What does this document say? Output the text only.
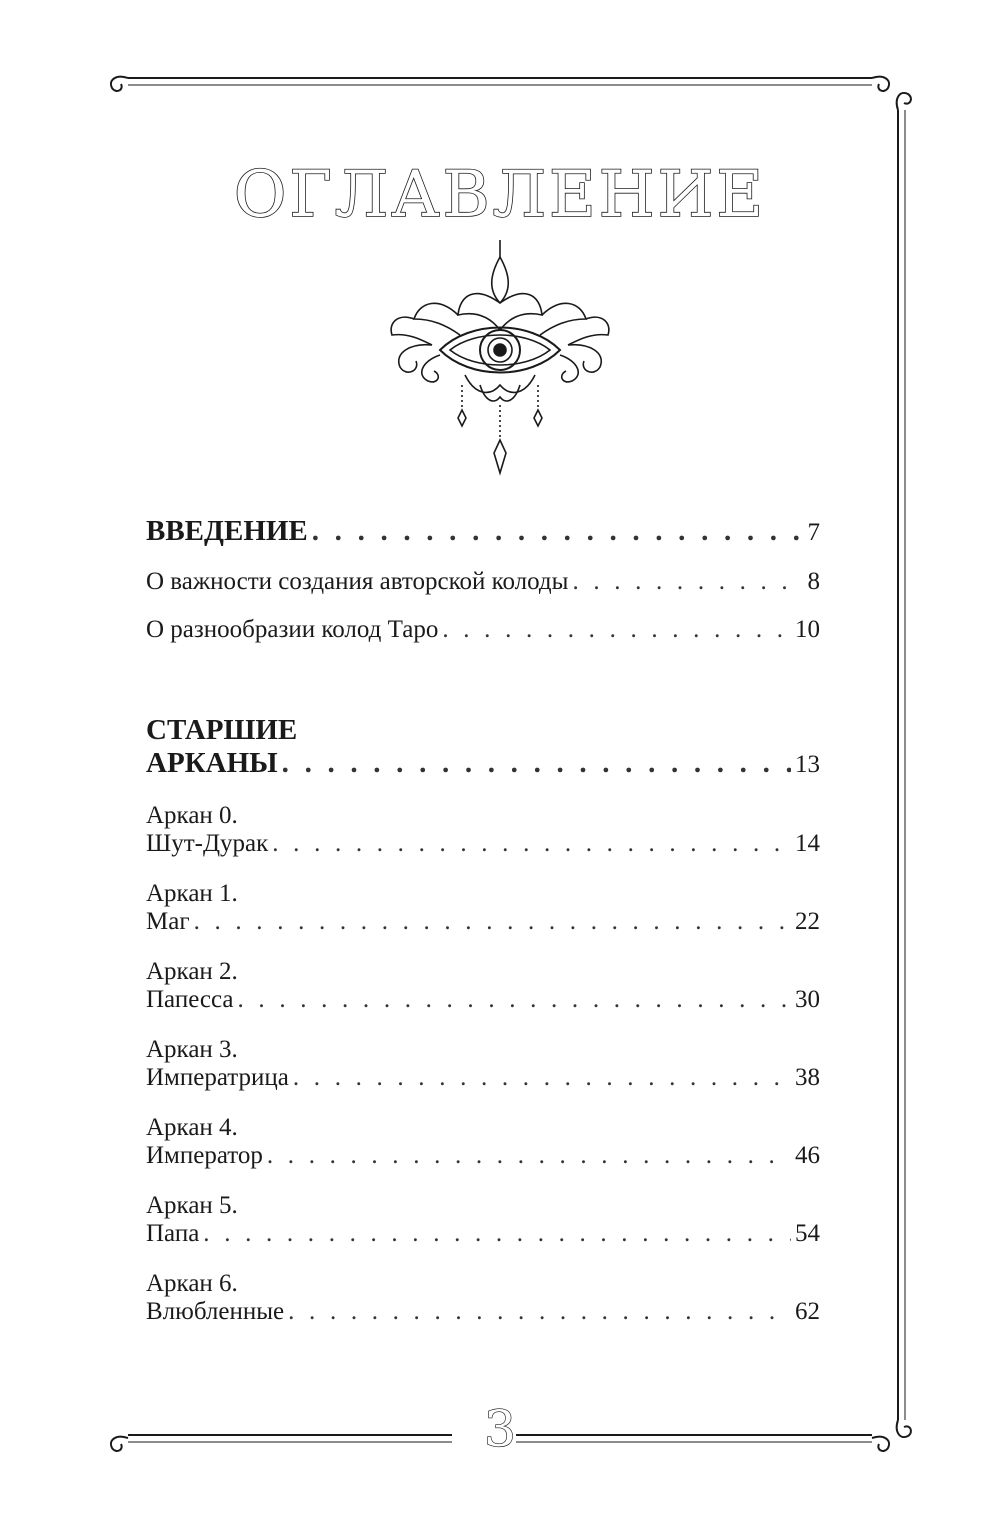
ОГЛАВЛЕНИЕ
ВВЕДЕНИЕ . . .	7
О важности создания авторской колоды . . .	8
О разнообразии колод Таро . . .	10
СТАРШИЕ
АРКАНЫ . . .	13
Аркан 0.
Шут-Дурак . . .	14
Аркан 1.
Маг . . .	22
Аркан 2.
Папесса . . .	30
Аркан 3.
Императрица . . .	38
Аркан 4.
Император . . .	46
Аркан 5.
Папа . . .	54
Аркан 6.
Влюбленные . . .	62
3
